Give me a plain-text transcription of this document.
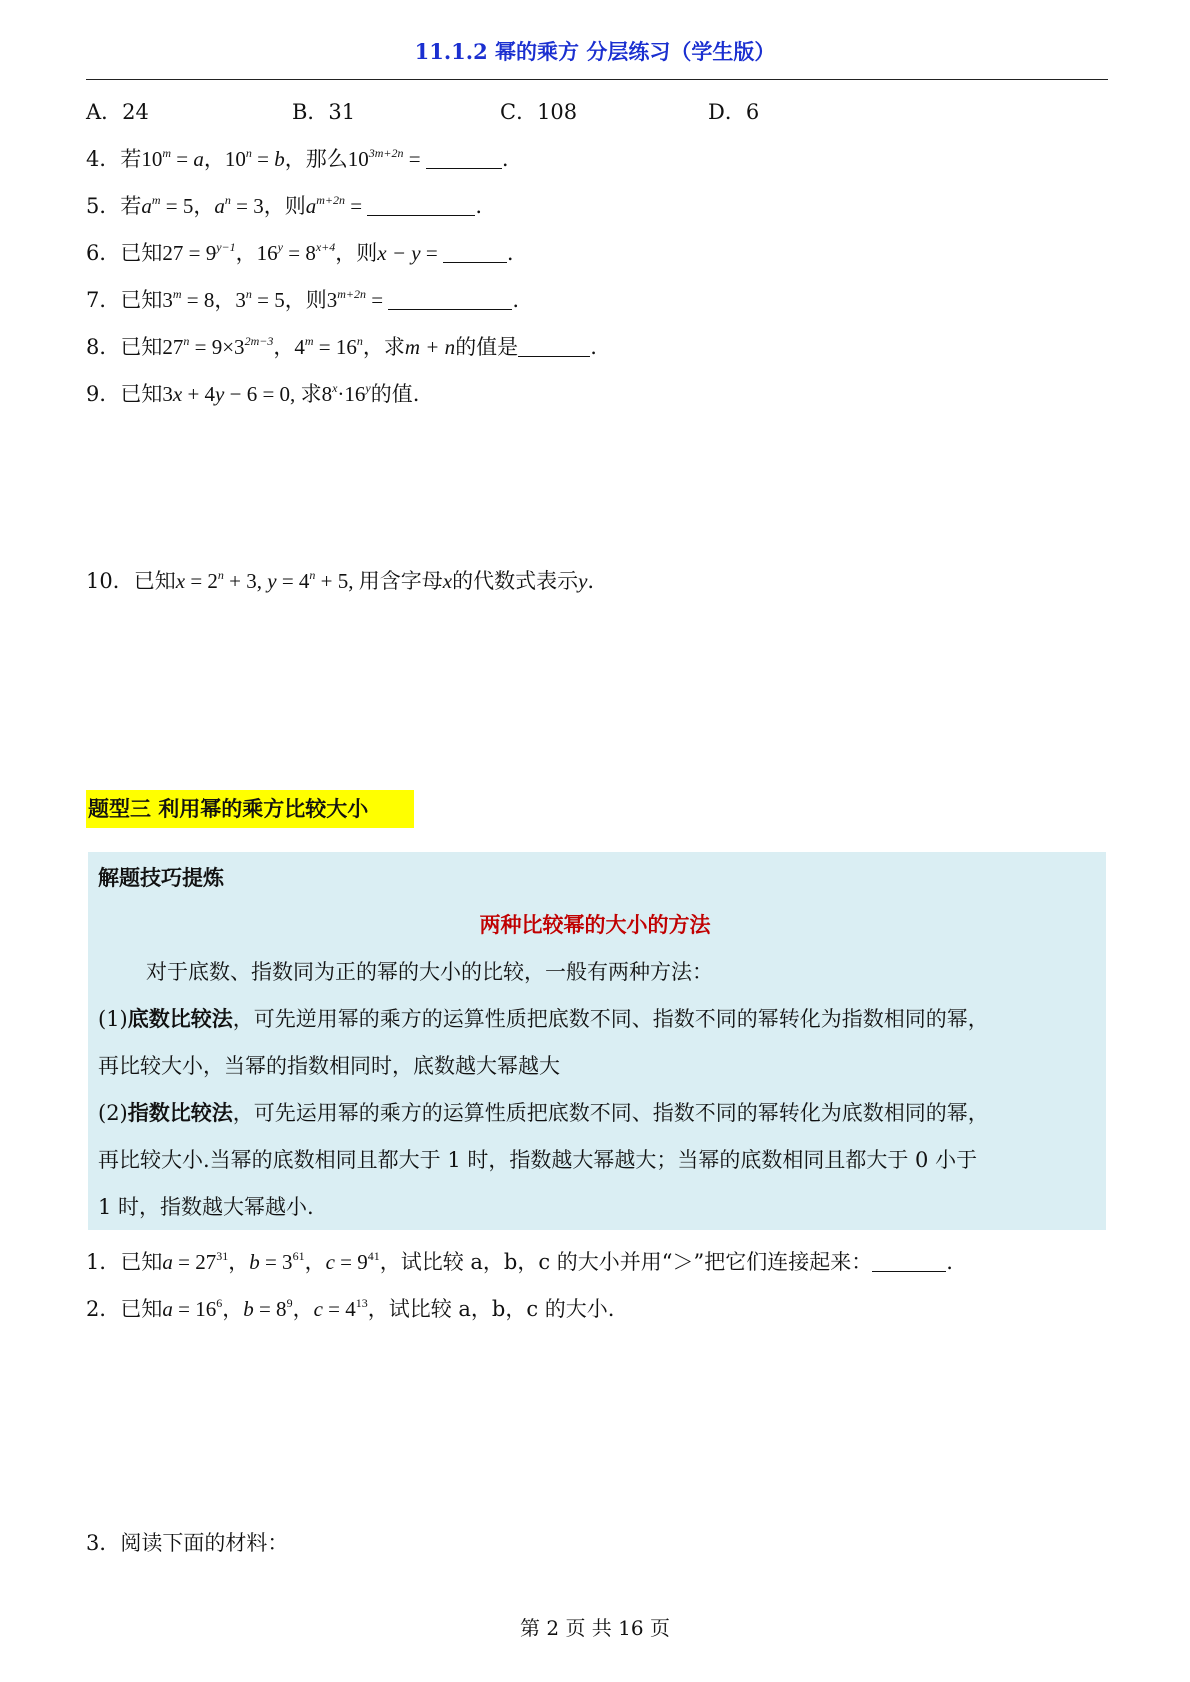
11.1.2 幂的乘方 分层练习（学生版）
A．24	B．31	C．108	D．6
4．若$10^m = a$，$10^n = b$，那么$10^{3m+2n}$ =	.
5．若$a^m = 5$，$a^n = 3$，则$a^{m+2n}$ =	.
6．已知$27 = 9^{y-1}$，$16^y = 8^{x+4}$，则x − y =	.
7．已知$3^m = 8$，$3^n = 5$，则$3^{m+2n}$ =	.
8．已知$27^n = 9\times 3^{2m-3}$，$4^m = 16^n$，求m + n的值是	.
9．已知3x + 4y − 6 = 0, 求$8^x\cdot 16^y$的值.
10．已知$x = 2^n + 3$, $y = 4^n + 5$, 用含字母x的代数式表示y.
题型三 利用幂的乘方比较大小
解题技巧提炼
两种比较幂的大小的方法
对于底数、指数同为正的幂的大小的比较，一般有两种方法：
(1)底数比较法，可先逆用幂的乘方的运算性质把底数不同、指数不同的幂转化为指数相同的幂，
再比较大小，当幂的指数相同时，底数越大幂越大
(2)指数比较法，可先运用幂的乘方的运算性质把底数不同、指数不同的幂转化为底数相同的幂，
再比较大小.当幂的底数相同且都大于 1 时，指数越大幂越大；当幂的底数相同且都大于 0 小于
1 时，指数越大幂越小.
1．已知$a = 27^{31}$，$b = 3^{61}$，$c = 9^{41}$，试比较 a，b，c 的大小并用“＞”把它们连接起来：	.
2．已知$a = 16^6$，$b = 8^9$，$c = 4^{13}$，试比较 a，b，c 的大小.
3．阅读下面的材料：
第 2 页 共 16 页
